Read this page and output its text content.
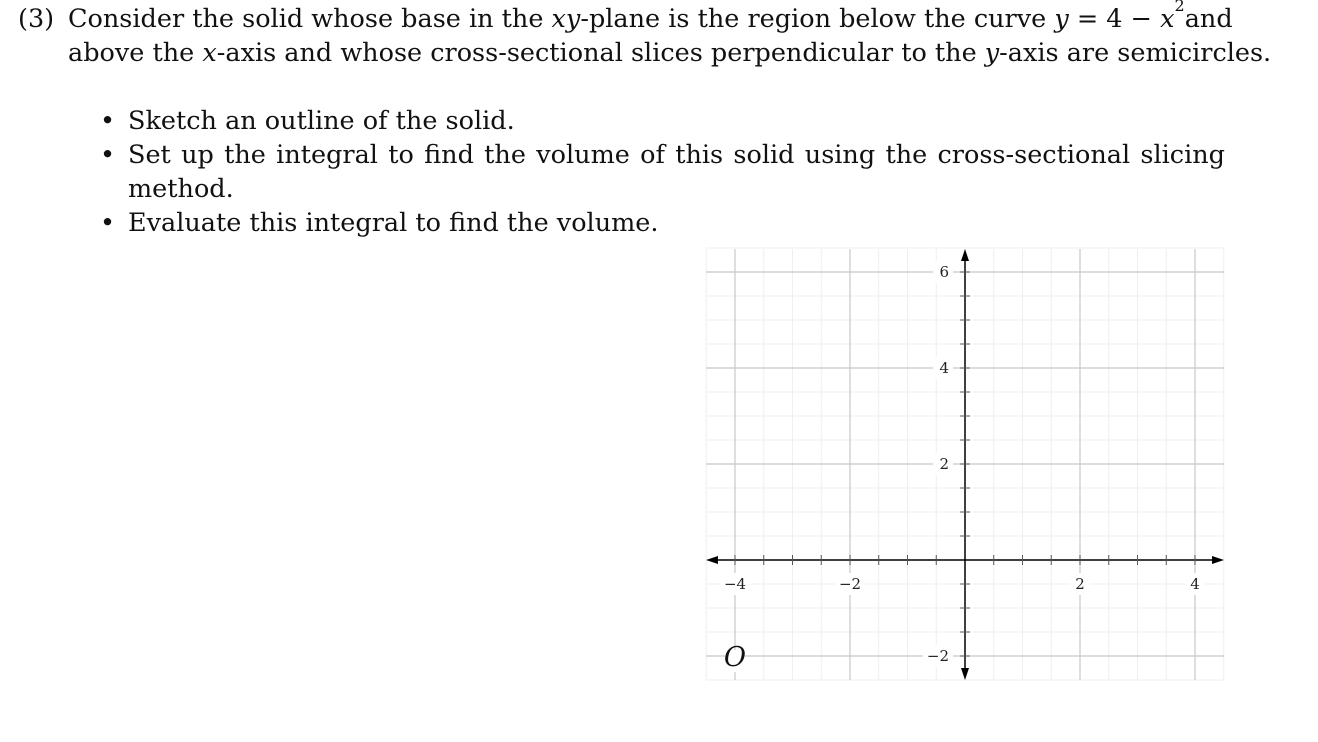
(3) Consider the solid whose base in the xy-plane is the region below the curve $y = 4 - x^2$ and
above the x-axis and whose cross-sectional slices perpendicular to the y-axis are semicircles.
• Sketch an outline of the solid.
• Set up the integral to find the volume of this solid using the cross-sectional slicing method.
• Evaluate this integral to find the volume.
−4	−2	2	4
6
4
2
−2
O
